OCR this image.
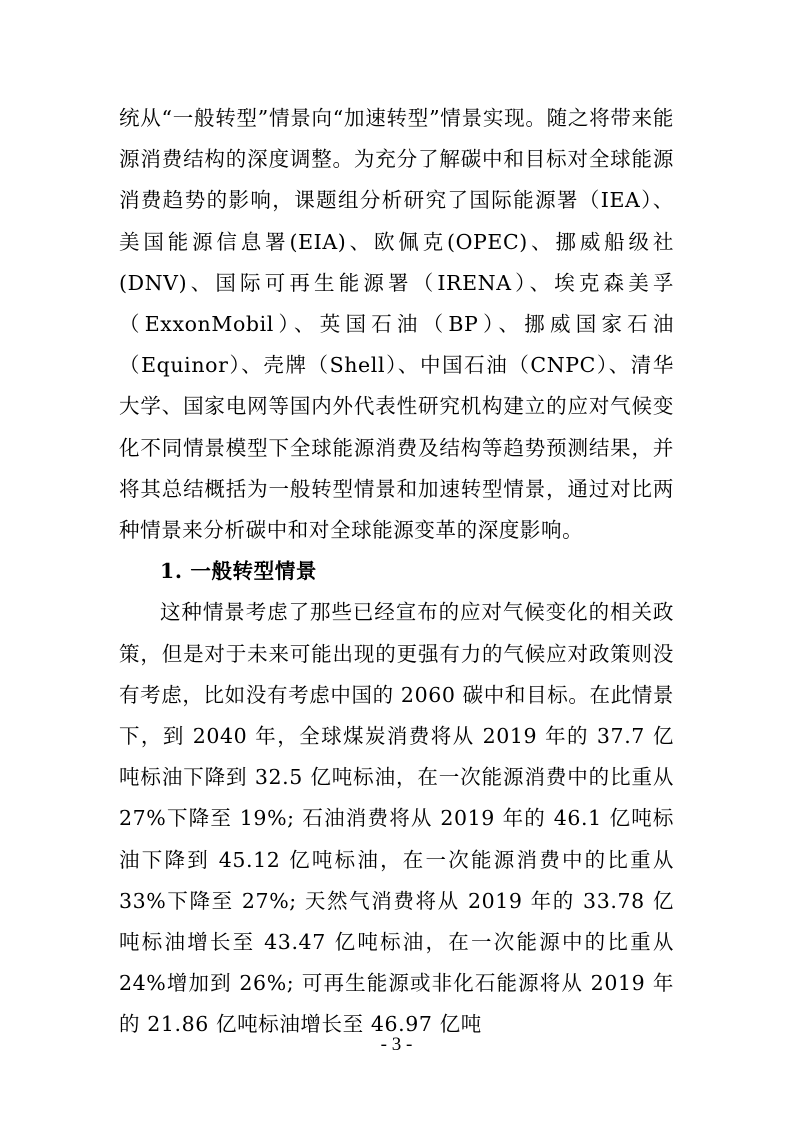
统从“一般转型”情景向“加速转型”情景实现。随之将带来能源消费结构的深度调整。为充分了解碳中和目标对全球能源消费趋势的影响，课题组分析研究了国际能源署（IEA）、美国能源信息署(EIA)、欧佩克(OPEC)、挪威船级社(DNV)、国际可再生能源署（IRENA）、埃克森美孚（ExxonMobil）、英国石油（BP）、挪威国家石油（Equinor）、壳牌（Shell）、中国石油（CNPC）、清华大学、国家电网等国内外代表性研究机构建立的应对气候变化不同情景模型下全球能源消费及结构等趋势预测结果，并将其总结概括为一般转型情景和加速转型情景，通过对比两种情景来分析碳中和对全球能源变革的深度影响。

1. 一般转型情景

这种情景考虑了那些已经宣布的应对气候变化的相关政策，但是对于未来可能出现的更强有力的气候应对政策则没有考虑，比如没有考虑中国的 2060 碳中和目标。在此情景下，到 2040 年，全球煤炭消费将从 2019 年的 37.7 亿吨标油下降到 32.5 亿吨标油，在一次能源消费中的比重从 27%下降至 19%; 石油消费将从 2019 年的 46.1 亿吨标油下降到 45.12 亿吨标油，在一次能源消费中的比重从 33%下降至 27%; 天然气消费将从 2019 年的 33.78 亿吨标油增长至 43.47 亿吨标油，在一次能源中的比重从 24%增加到 26%; 可再生能源或非化石能源将从 2019 年的 21.86 亿吨标油增长至 46.97 亿吨

- 3 -
